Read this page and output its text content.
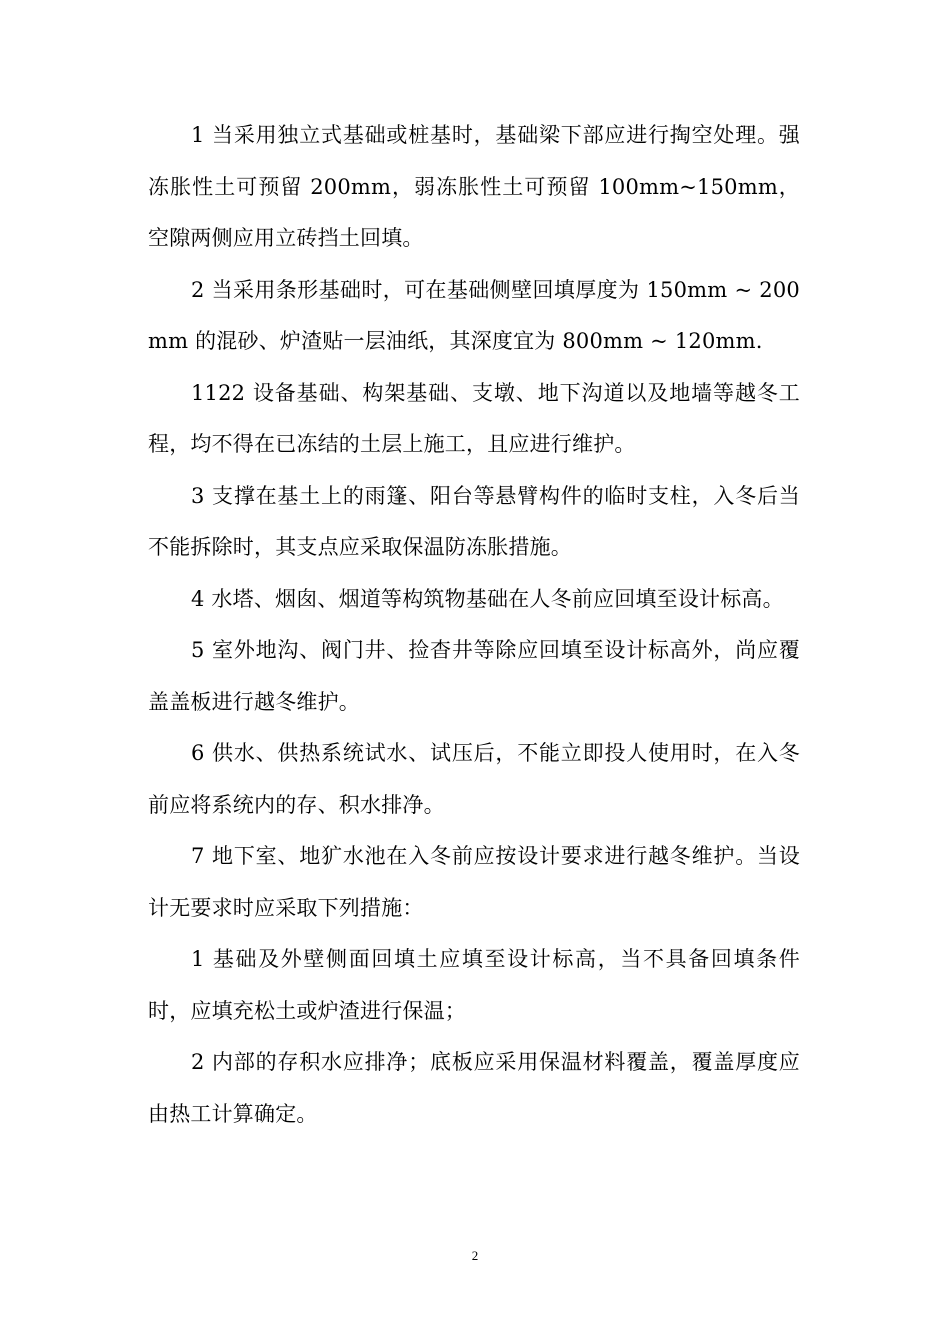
1 当采用独立式基础或桩基时，基础梁下部应进行掏空处理。强冻胀性土可预留 200mm，弱冻胀性土可预留 100mm~150mm，空隙两侧应用立砖挡土回填。

2 当采用条形基础时，可在基础侧壁回填厚度为 150mm ~ 200mm 的混砂、炉渣贴一层油纸，其深度宜为 800mm ~ 120mm.

1122 设备基础、构架基础、支墩、地下沟道以及地墙等越冬工程，均不得在已冻结的土层上施工，且应进行维护。

3 支撑在基土上的雨篷、阳台等悬臂构件的临时支柱，入冬后当不能拆除时，其支点应采取保温防冻胀措施。

4 水塔、烟囱、烟道等构筑物基础在人冬前应回填至设计标高。

5 室外地沟、阀门井、捡杳井等除应回填至设计标高外，尚应覆盖盖板进行越冬维护。

6 供水、供热系统试水、试压后，不能立即投人使用时，在入冬前应将系统内的存、积水排净。

7 地下室、地犷水池在入冬前应按设计要求进行越冬维护。当设计无要求时应采取下列措施：

1 基础及外壁侧面回填土应填至设计标高，当不具备回填条件时，应填充松土或炉渣进行保温；

2 内部的存积水应排净；底板应采用保温材料覆盖，覆盖厚度应由热工计算确定。

2
